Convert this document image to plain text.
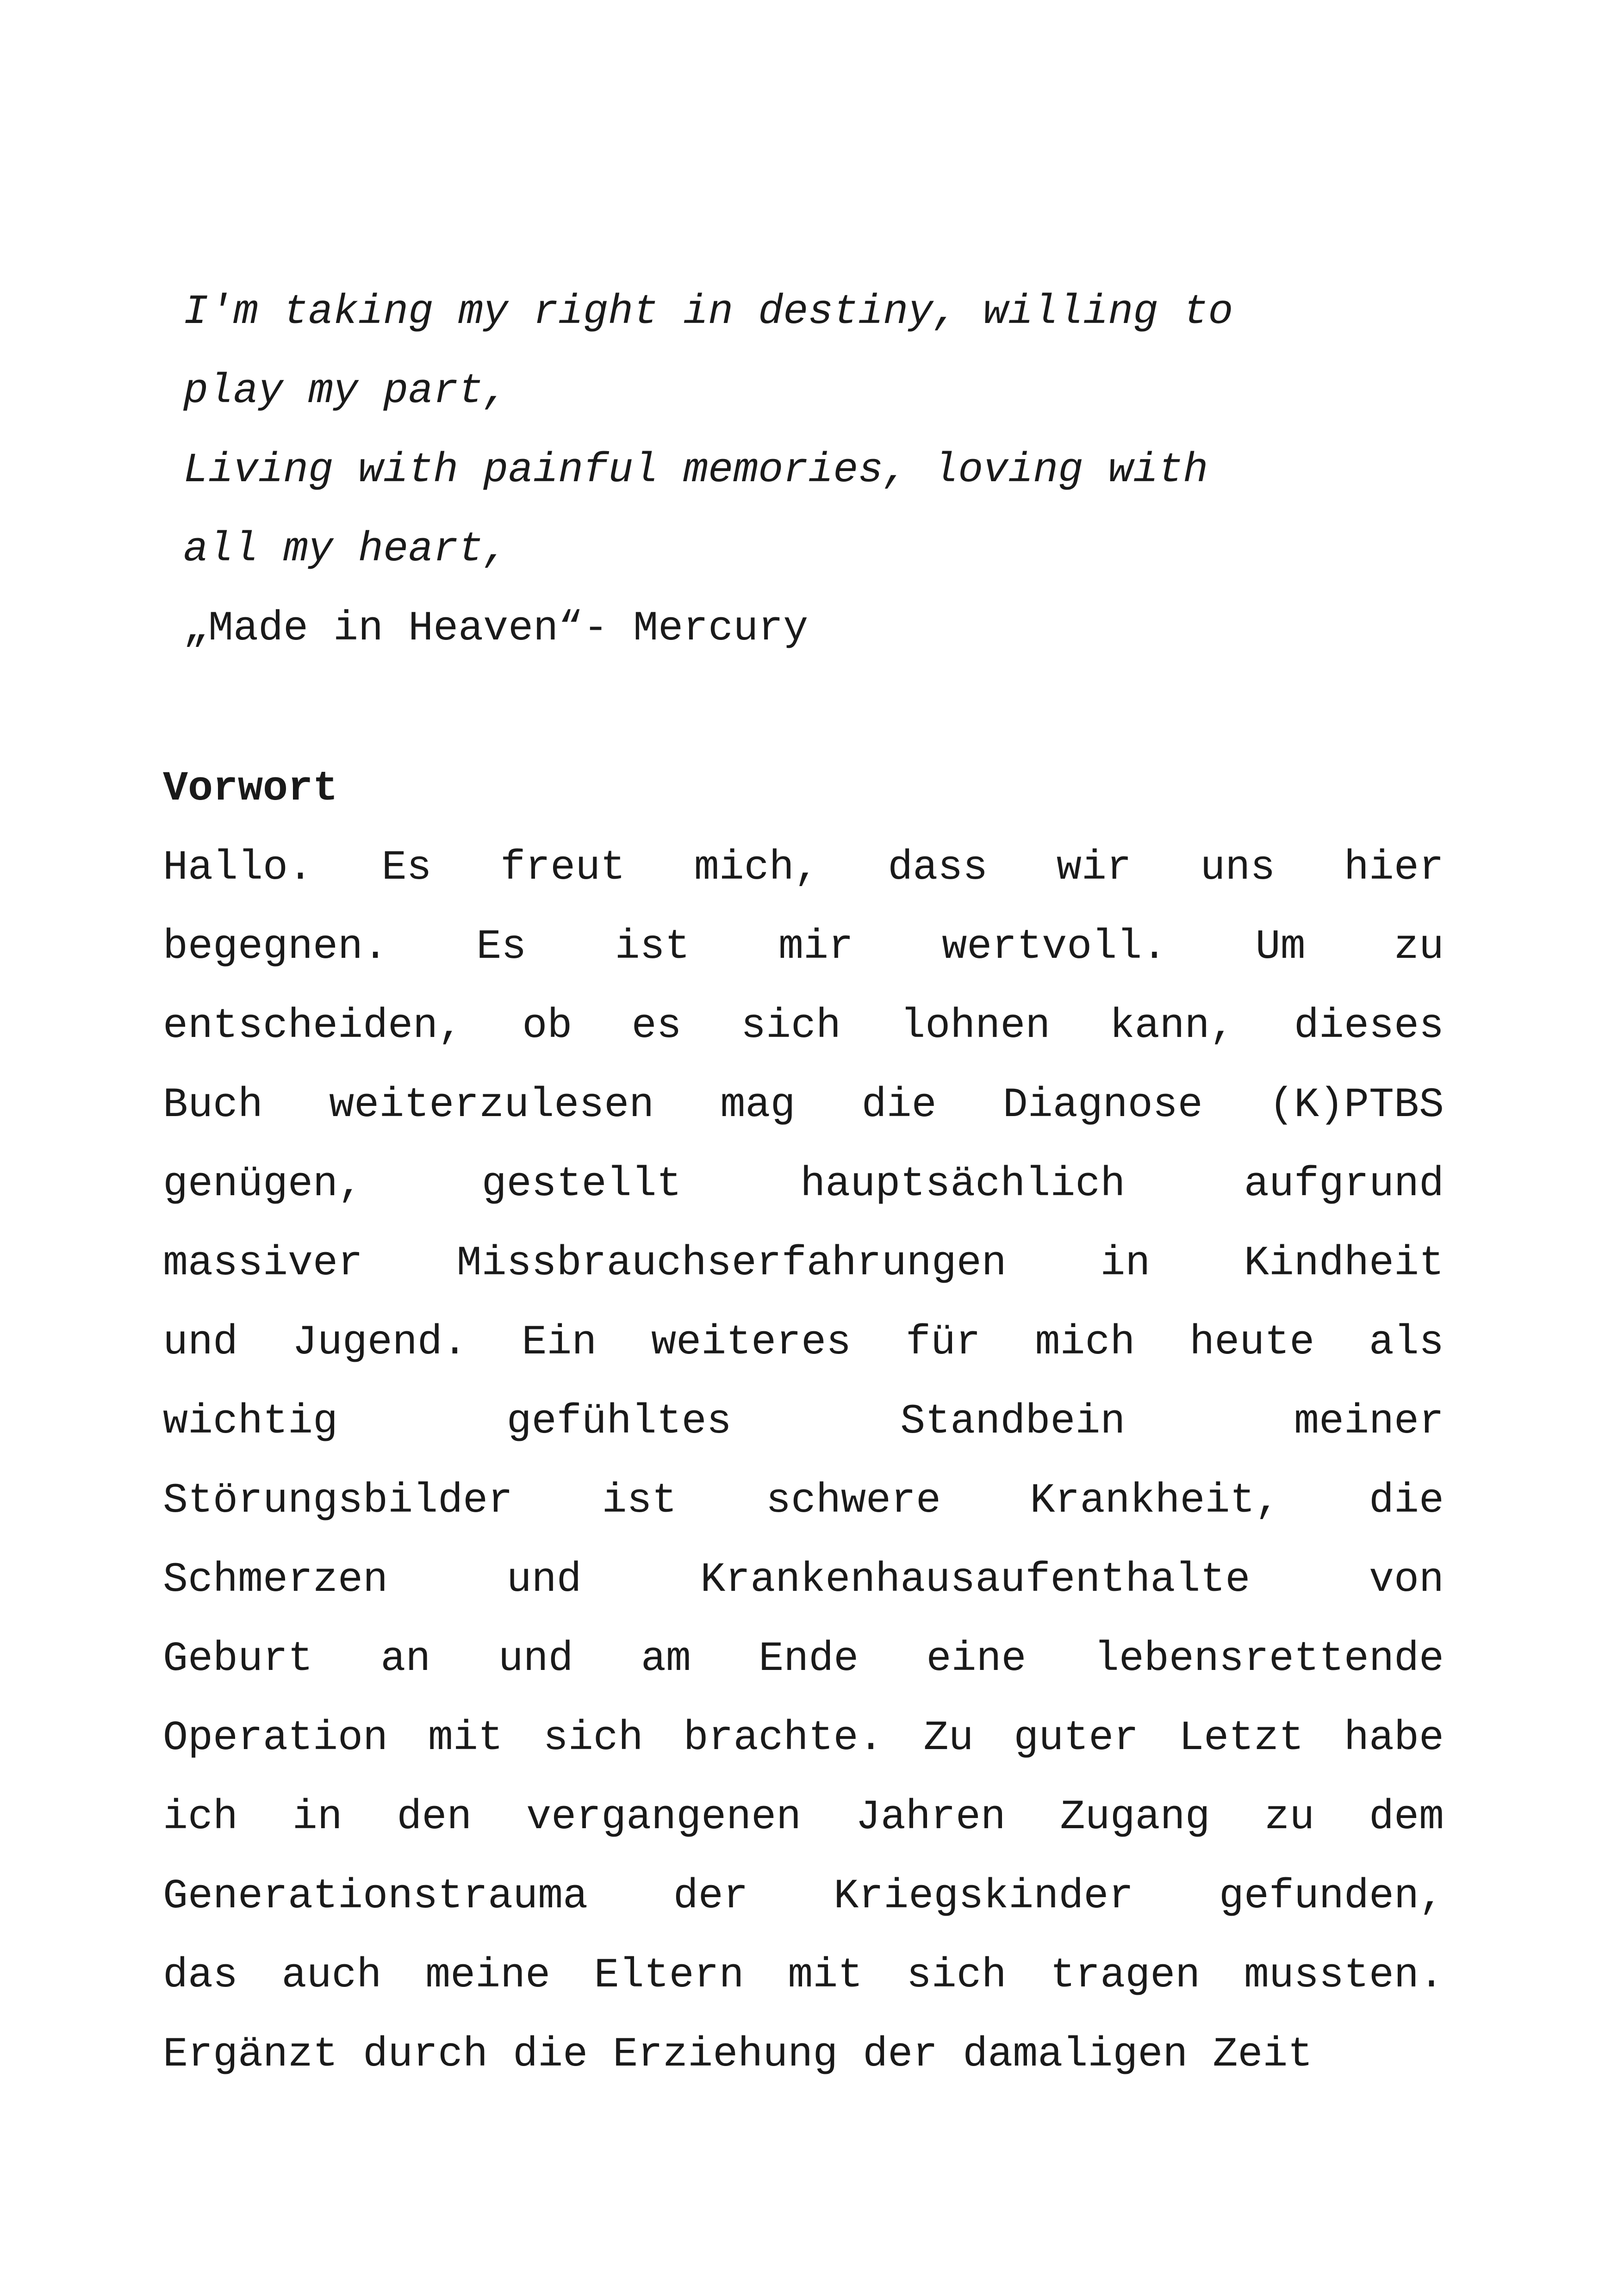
I'm taking my right in destiny, willing to
play my part,
Living with painful memories, loving with
all my heart,
„Made in Heaven“- Mercury
Vorwort
Hallo. Es freut mich, dass wir uns hier
begegnen. Es ist mir wertvoll. Um zu
entscheiden, ob es sich lohnen kann, dieses
Buch weiterzulesen mag die Diagnose (K)PTBS
genügen,	gestellt	hauptsächlich	aufgrund
massiver Missbrauchserfahrungen in Kindheit
und Jugend. Ein weiteres für mich heute als
wichtig	gefühltes	Standbein	meiner
Störungsbilder ist schwere Krankheit, die
Schmerzen	und	Krankenhausaufenthalte	von
Geburt an und am Ende eine lebensrettende
Operation mit sich brachte. Zu guter Letzt habe
ich in den vergangenen Jahren Zugang zu dem
Generationstrauma der Kriegskinder gefunden,
das auch meine Eltern mit sich tragen mussten.
Ergänzt durch die Erziehung der damaligen Zeit
